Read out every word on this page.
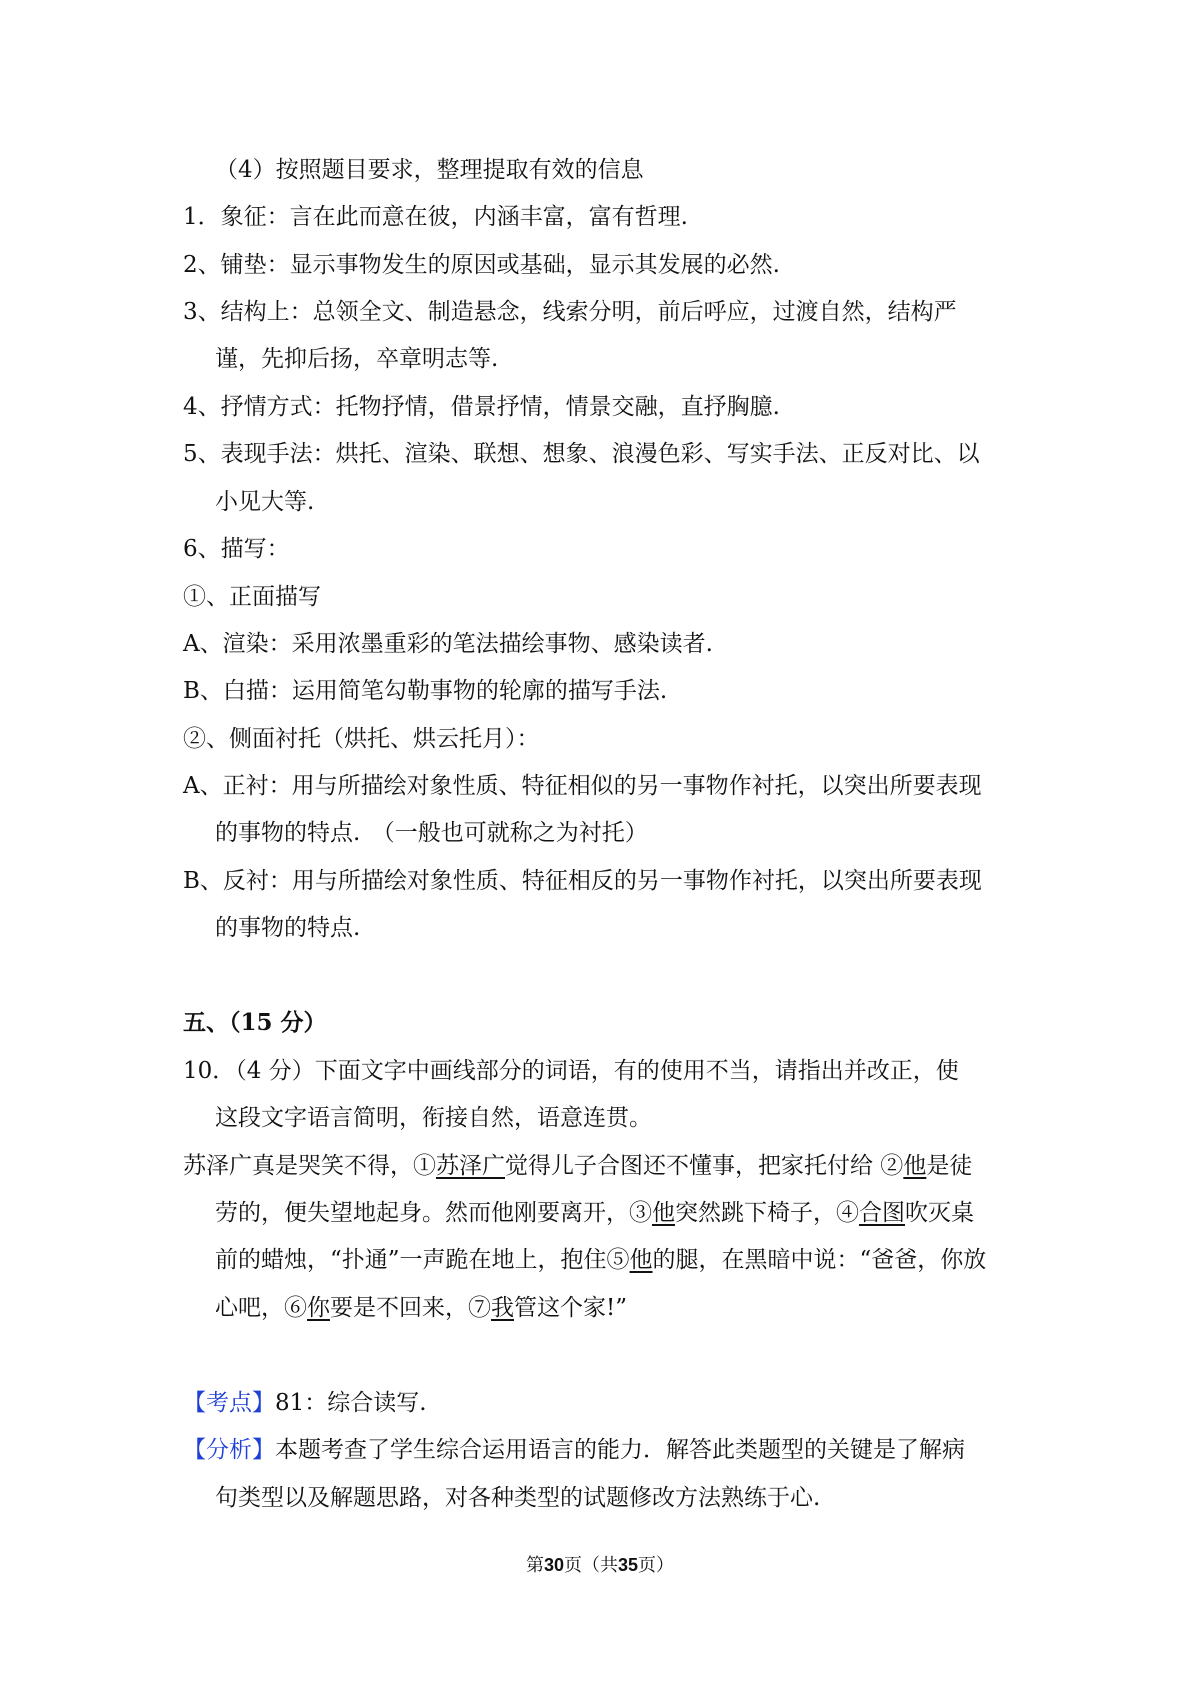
（4）按照题目要求，整理提取有效的信息
1．象征：言在此而意在彼，内涵丰富，富有哲理.
2、铺垫：显示事物发生的原因或基础，显示其发展的必然.
3、结构上：总领全文、制造悬念，线索分明，前后呼应，过渡自然，结构严
谨，先抑后扬，卒章明志等.
4、抒情方式：托物抒情，借景抒情，情景交融，直抒胸臆.
5、表现手法：烘托、渲染、联想、想象、浪漫色彩、写实手法、正反对比、以
小见大等.
6、描写：
①、正面描写
A、渲染：采用浓墨重彩的笔法描绘事物、感染读者.
B、白描：运用简笔勾勒事物的轮廓的描写手法.
②、侧面衬托（烘托、烘云托月）：
A、正衬：用与所描绘对象性质、特征相似的另一事物作衬托，以突出所要表现
的事物的特点.　（一般也可就称之为衬托）
B、反衬：用与所描绘对象性质、特征相反的另一事物作衬托，以突出所要表现
的事物的特点.
五、（15 分）
10．（4 分）下面文字中画线部分的词语，有的使用不当，请指出并改正，使
这段文字语言简明，衔接自然，语意连贯。
苏泽广真是哭笑不得，①苏泽广觉得儿子合图还不懂事，把家托付给 ②他是徒
劳的，便失望地起身。然而他刚要离开，③他突然跳下椅子，④合图吹灭桌
前的蜡烛，“扑通”一声跪在地上，抱住⑤他的腿，在黑暗中说：“爸爸，你放
心吧，⑥你要是不回来，⑦我管这个家!”
【考点】81：综合读写.
【分析】本题考查了学生综合运用语言的能力．解答此类题型的关键是了解病
句类型以及解题思路，对各种类型的试题修改方法熟练于心.
第30页（共35页）
